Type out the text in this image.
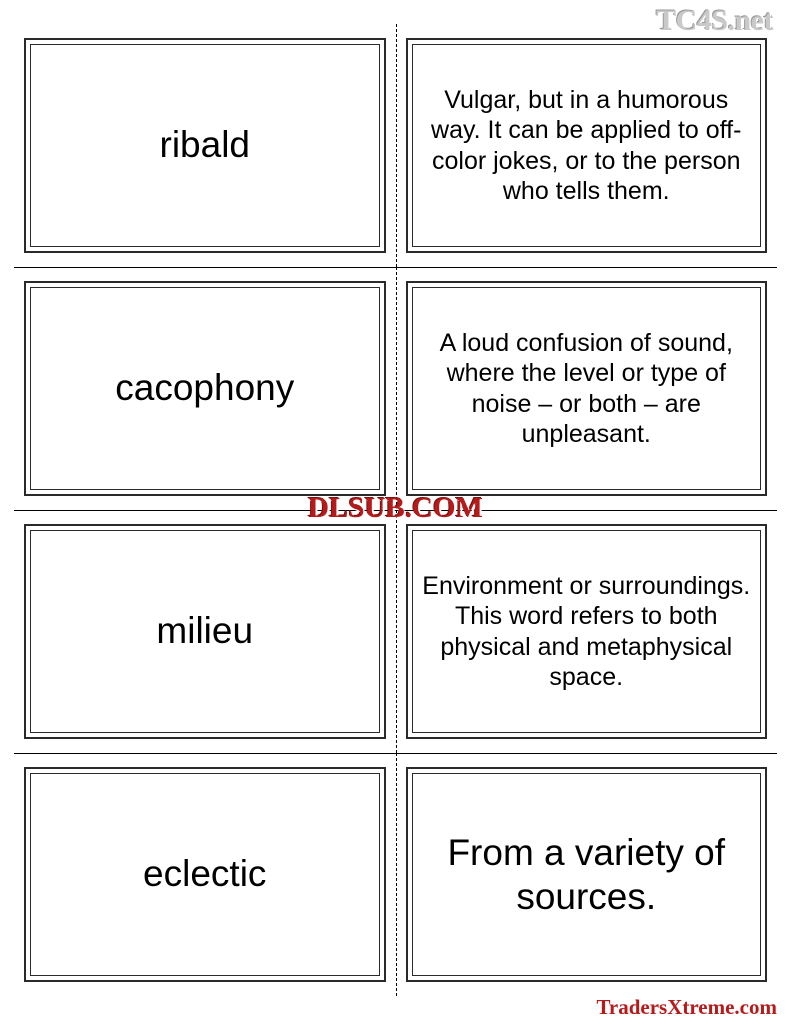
TC4S.net
ribald
Vulgar, but in a humorous way. It can be applied to off-color jokes, or to the person who tells them.
cacophony
A loud confusion of sound, where the level or type of noise – or both – are unpleasant.
milieu
Environment or surroundings. This word refers to both physical and metaphysical space.
eclectic
From a variety of sources.
DLSUB.COM
TradersXtreme.com
